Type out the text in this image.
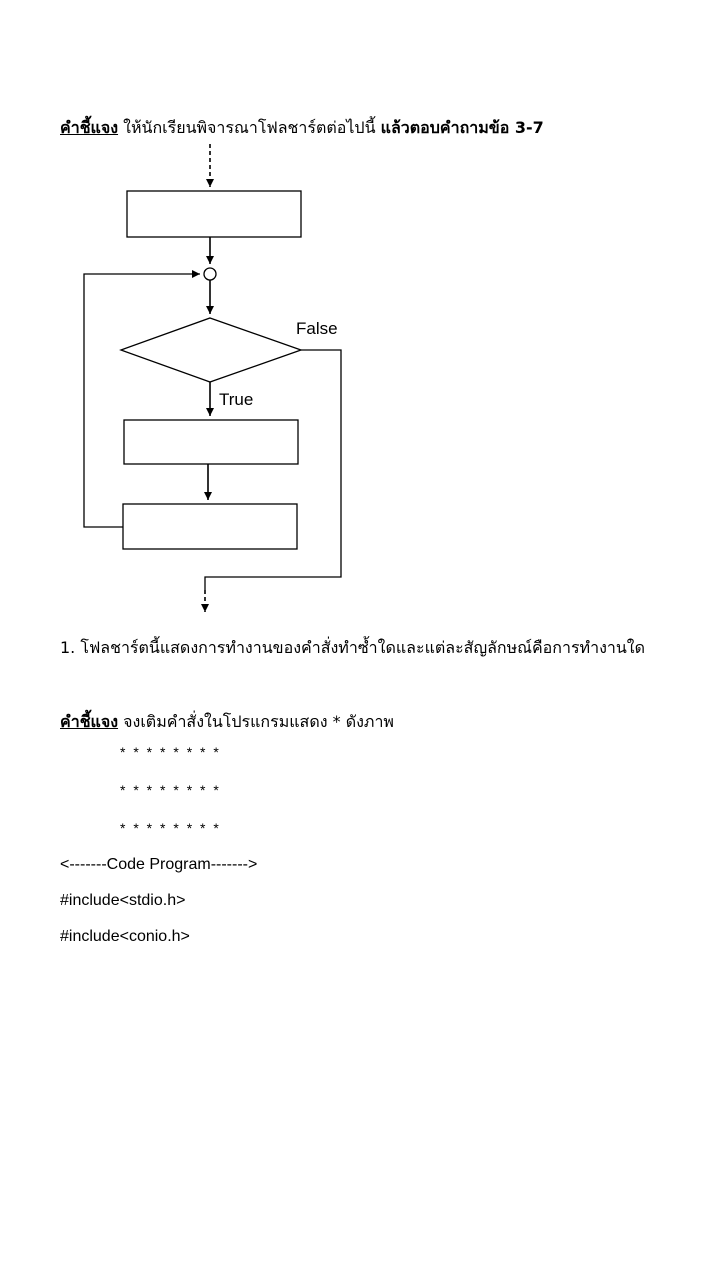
คำชี้แจง ให้นักเรียนพิจารณาโฟลชาร์ตต่อไปนี้ แล้วตอบคำถามข้อ 3-7
False
True
1. โฟลชาร์ตนี้แสดงการทำงานของคำสั่งทำซ้ำใดและแต่ละสัญลักษณ์คือการทำงานใด
คำชี้แจง จงเติมคำสั่งในโปรแกรมแสดง * ดังภาพ
* * * * * * * *
* * * * * * * *
* * * * * * * *
<-------Code Program------->
#include<stdio.h>
#include<conio.h>
